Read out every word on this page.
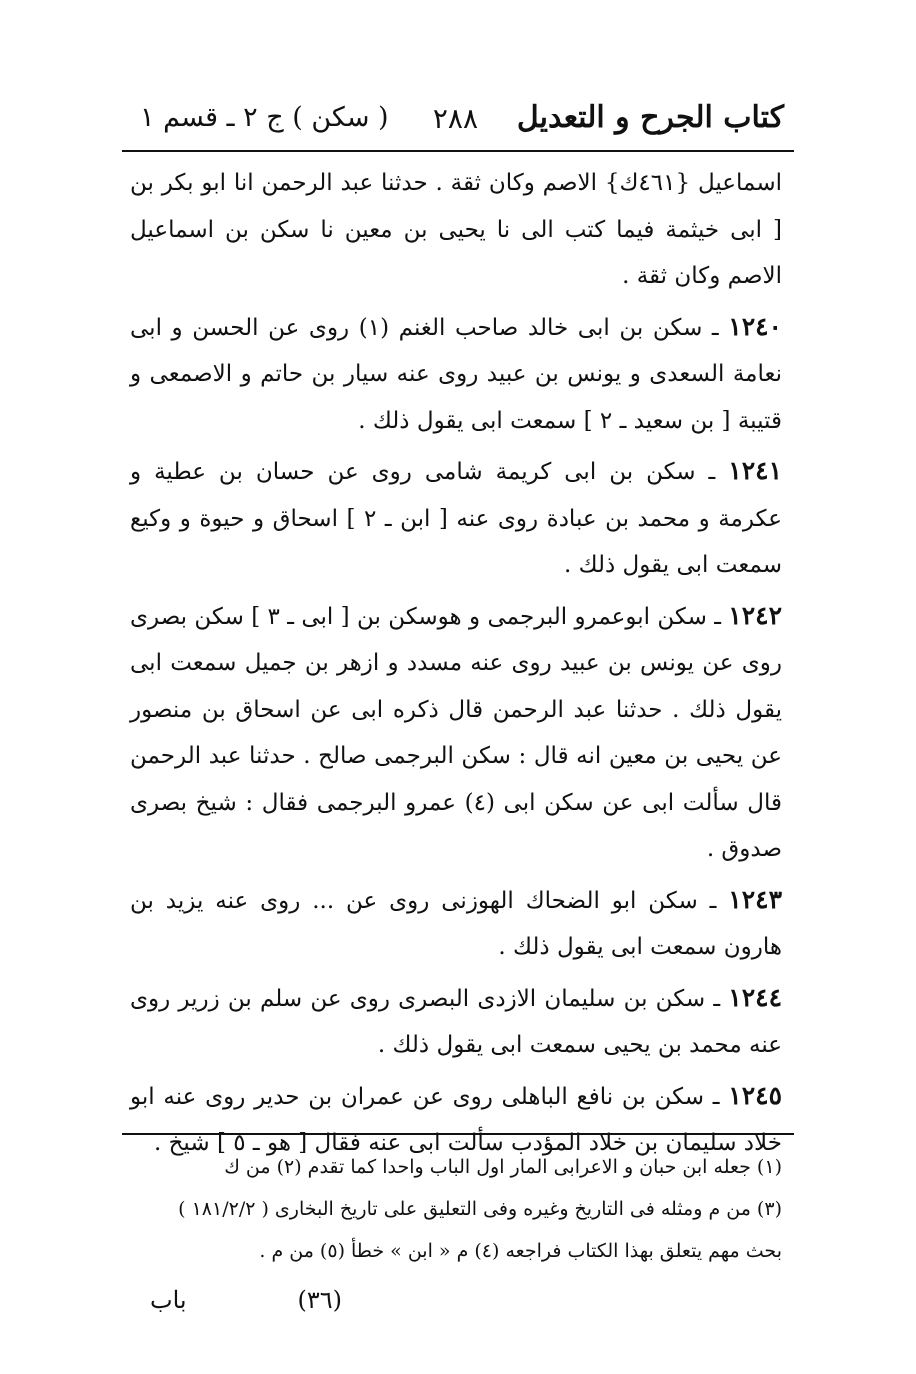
كتاب الجرح و التعديل
٢٨٨
( سكن ) ج ٢ ـ قسم ١

اسماعيل {٤٦١ك} الاصم وكان ثقة . حدثنا عبد الرحمن انا ابو بكر بن [ ابى خيثمة فيما كتب الى نا يحيى بن معين نا سكن بن اسماعيل الاصم وكان ثقة .

١٢٤٠ ـ سكن بن ابى خالد صاحب الغنم (١) روى عن الحسن و ابى نعامة السعدى و يونس بن عبيد روى عنه سيار بن حاتم و الاصمعى و قتيبة [ بن سعيد ـ ٢ ] سمعت ابى يقول ذلك .

١٢٤١ ـ سكن بن ابى كريمة شامى روى عن حسان بن عطية و عكرمة و محمد بن عبادة روى عنه [ ابن ـ ٢ ] اسحاق و حيوة و وكيع سمعت ابى يقول ذلك .

١٢٤٢ ـ سكن ابوعمرو البرجمى و هوسكن بن [ ابى ـ ٣ ] سكن بصرى روى عن يونس بن عبيد روى عنه مسدد و ازهر بن جميل سمعت ابى يقول ذلك . حدثنا عبد الرحمن قال ذكره ابى عن اسحاق بن منصور عن يحيى بن معين انه قال : سكن البرجمى صالح . حدثنا عبد الرحمن قال سألت ابى عن سكن ابى (٤) عمرو البرجمى فقال : شيخ بصرى صدوق .

١٢٤٣ ـ سكن ابو الضحاك الهوزنى روى عن ... روى عنه يزيد بن هارون سمعت ابى يقول ذلك .

١٢٤٤ ـ سكن بن سليمان الازدى البصرى روى عن سلم بن زرير روى عنه محمد بن يحيى سمعت ابى يقول ذلك .

١٢٤٥ ـ سكن بن نافع الباهلى روى عن عمران بن حدير روى عنه ابو خلاد سليمان بن خلاد المؤدب سألت ابى عنه فقال [ هو ـ ٥ ] شيخ .

(١) جعله ابن حبان و الاعرابى المار اول الباب واحدا كما تقدم (٢) من ك
(٣) من م ومثله فى التاريخ وغيره وفى التعليق على تاريخ البخارى ( ١٨١/٢/٢ )
بحث مهم يتعلق بهذا الكتاب فراجعه (٤) م « ابن » خطأ (٥) من م .
(٣٦)
باب
